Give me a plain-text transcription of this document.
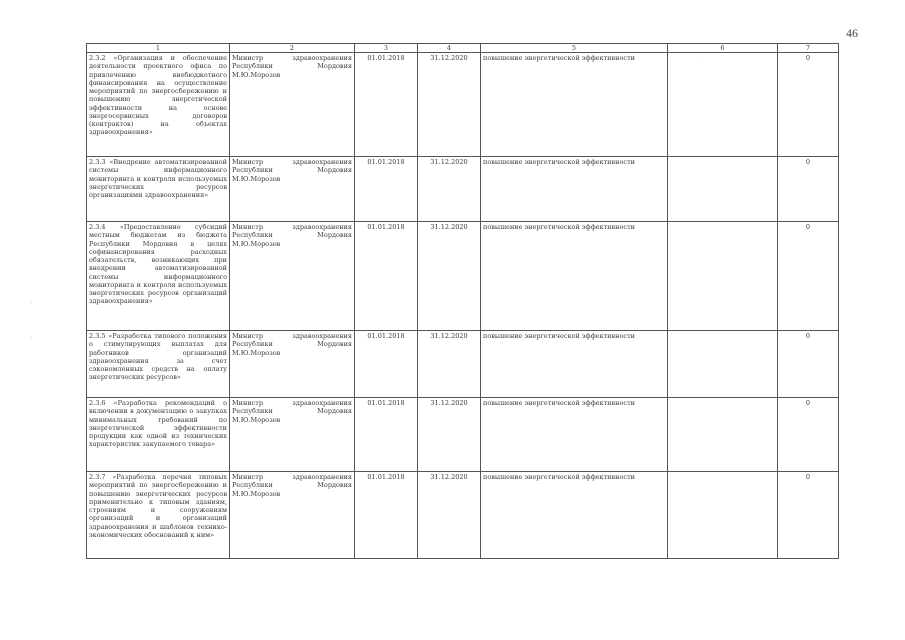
46
·
·
·
1	2	3	4	5	6	7
2.3.2 «Организация и обеспечение деятельности проектного офиса по привлечению внебюджетного финансирования на осуществление мероприятий по энергосбережению и повышению энергетической эффективности на основе энергосервисных договоров (контрактов) на объектах здравоохранения»	Министр здравоохранения Республики Мордовия М.Ю.Морозов	01.01.2018	31.12.2020	повышение энергетической эффективности		0
2.3.3 «Внедрение автоматизированной системы информационного мониторинга и контроля используемых энергетических ресурсов организациями здравоохранения»	Министр здравоохранения Республики Мордовия М.Ю.Морозов	01.01.2018	31.12.2020	повышение энергетической эффективности		0
2.3.4 «Предоставление субсидий местным бюджетам из бюджета Республики Мордовия в целях софинансирования расходных обязательств, возникающих при внедрении автоматизированной системы информационного мониторинга и контроля используемых энергетических ресурсов организаций здравоохранения»	Министр здравоохранения Республики Мордовия М.Ю.Морозов	01.01.2018	31.12.2020	повышение энергетической эффективности		0
2.3.5 «Разработка типового положения о стимулирующих выплатах для работников организаций здравоохранения за счет сэкономленных средств на оплату энергетических ресурсов»	Министр здравоохранения Республики Мордовия М.Ю.Морозов	01.01.2018	31.12.2020	повышение энергетической эффективности		0
2.3.6 «Разработка рекомендаций о включении в документацию о закупках минимальных требований по энергетической эффективности продукции как одной из технических характеристик закупаемого товара»	Министр здравоохранения Республики Мордовия М.Ю.Морозов	01.01.2018	31.12.2020	повышение энергетической эффективности		0
2.3.7 «Разработка перечня типовых мероприятий по энергосбережению и повышению энергетических ресурсов применительно к типовым зданиям, строениям и сооружениям организаций и организаций здравоохранения и шаблонов технико-экономических обоснований к ним»	Министр здравоохранения Республики Мордовия М.Ю.Морозов	01.01.2018	31.12.2020	повышение энергетической эффективности		0
